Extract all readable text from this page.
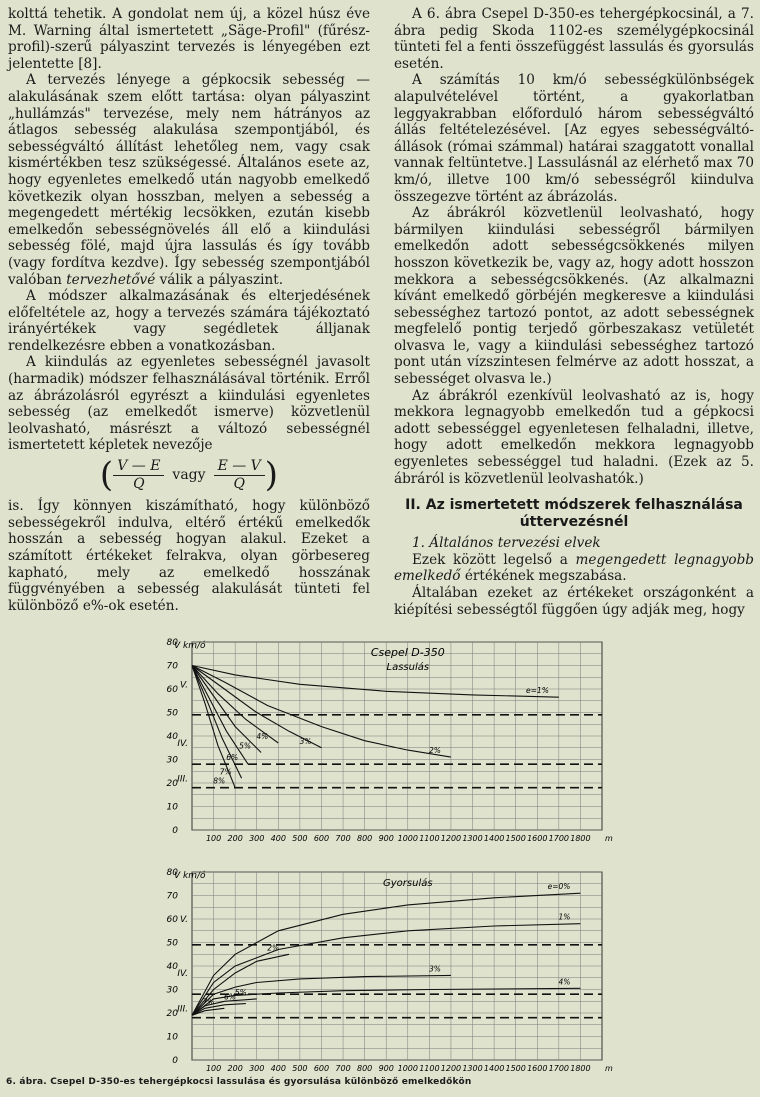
kolttá tehetik. A gondolat nem új, a közel húsz éve M. Warning által ismertetett „Säge-Profil" (fűrész-profil)-szerű pályaszint tervezés is lényegében ezt jelentette [8].

A tervezés lényege a gépkocsik sebesség — alakulásának szem előtt tartása: olyan pályaszint „hullámzás" tervezése, mely nem hátrányos az átlagos sebesség alakulása szempontjából, és sebességváltó állítást lehetőleg nem, vagy csak kismértékben tesz szükségessé. Általános esete az, hogy egyenletes emelkedő után nagyobb emelkedő következik olyan hosszban, melyen a sebesség a megengedett mértékig lecsökken, ezután kisebb emelkedőn sebességnövelés áll elő a kiindulási sebesség fölé, majd újra lassulás és így tovább (vagy fordítva kezdve). Így sebesség szempontjából valóban tervezhetővé válik a pályaszint.

A módszer alkalmazásának és elterjedésének előfeltétele az, hogy a tervezés számára tájékoztató irányértékek vagy segédletek álljanak rendelkezésre ebben a vonatkozásban.

A kiindulás az egyenletes sebességnél javasolt (harmadik) módszer felhasználásával történik. Erről az ábrázolásról egyrészt a kiindulási egyenletes sebesség (az emelkedőt ismerve) közvetlenül leolvasható, másrészt a változó sebességnél ismertetett képletek nevezője

( $\frac{V — E}{Q}$ vagy $\frac{E — V}{Q}$ )

is. Így könnyen kiszámítható, hogy különböző sebességekről indulva, eltérő értékű emelkedők hosszán a sebesség hogyan alakul. Ezeket a számított értékeket felrakva, olyan görbesereg kapható, mely az emelkedő hosszának függvényében a sebesség alakulását tünteti fel különböző e%-ok esetén.

A 6. ábra Csepel D-350-es tehergépkocsinál, a 7. ábra pedig Skoda 1102-es személygépkocsinál tünteti fel a fenti összefüggést lassulás és gyorsulás esetén.

A számítás 10 km/ó sebességkülönbségek alapulvételével történt, a gyakorlatban leggyakrabban előforduló három sebességváltó állás feltételezésével. [Az egyes sebességváltó-állások (római számmal) határai szaggatott vonallal vannak feltüntetve.] Lassulásnál az elérhető max 70 km/ó, illetve 100 km/ó sebességről kiindulva összegezve történt az ábrázolás.

Az ábrákról közvetlenül leolvasható, hogy bármilyen kiindulási sebességről bármilyen emelkedőn adott sebességcsökkenés milyen hosszon következik be, vagy az, hogy adott hosszon mekkora a sebességcsökkenés. (Az alkalmazni kívánt emelkedő görbéjén megkeresve a kiindulási sebességhez tartozó pontot, az adott sebességnek megfelelő pontig terjedő görbeszakasz vetületét olvasva le, vagy a kiindulási sebességhez tartozó pont után vízszintesen felmérve az adott hosszat, a sebességet olvasva le.)

Az ábrákról ezenkívül leolvasható az is, hogy mekkora legnagyobb emelkedőn tud a gépkocsi adott sebességgel egyenletesen felhaladni, illetve, hogy adott emelkedőn mekkora legnagyobb egyenletes sebességgel tud haladni. (Ezek az 5. ábráról is közvetlenül leolvashatók.)

II. Az ismertetett módszerek felhasználása úttervezésnél

1. Általános tervezési elvek

Ezek között legelső a megengedett legnagyobb emelkedő értékének megszabása.

Általában ezeket az értékeket országonként a kiépítési sebességtől függően úgy adják meg, hogy

100 200 300 400 500 600 700 800 900 1000 1100 1200 1300 1400 1500 1600 1700 1800
0
10
20
30
40
50
60
70
80
V.
IV.
III.
V km/ó
m
Csepel D-350
Lassulás
e=1%
2%
3%
4%
5%
6%
7%
8%
100 200 300 400 500 600 700 800 900 1000 1100 1200 1300 1400 1500 1600 1700 1800
0
10
20
30
40
50
60
70
80
V.
IV.
III.
V km/ó
m
Gyorsulás	e=0%
1%
2%
3%
4%
5%
6%
7%
6. ábra. Csepel D-350-es tehergépkocsi lassulása és gyorsulása különböző emelkedőkön
